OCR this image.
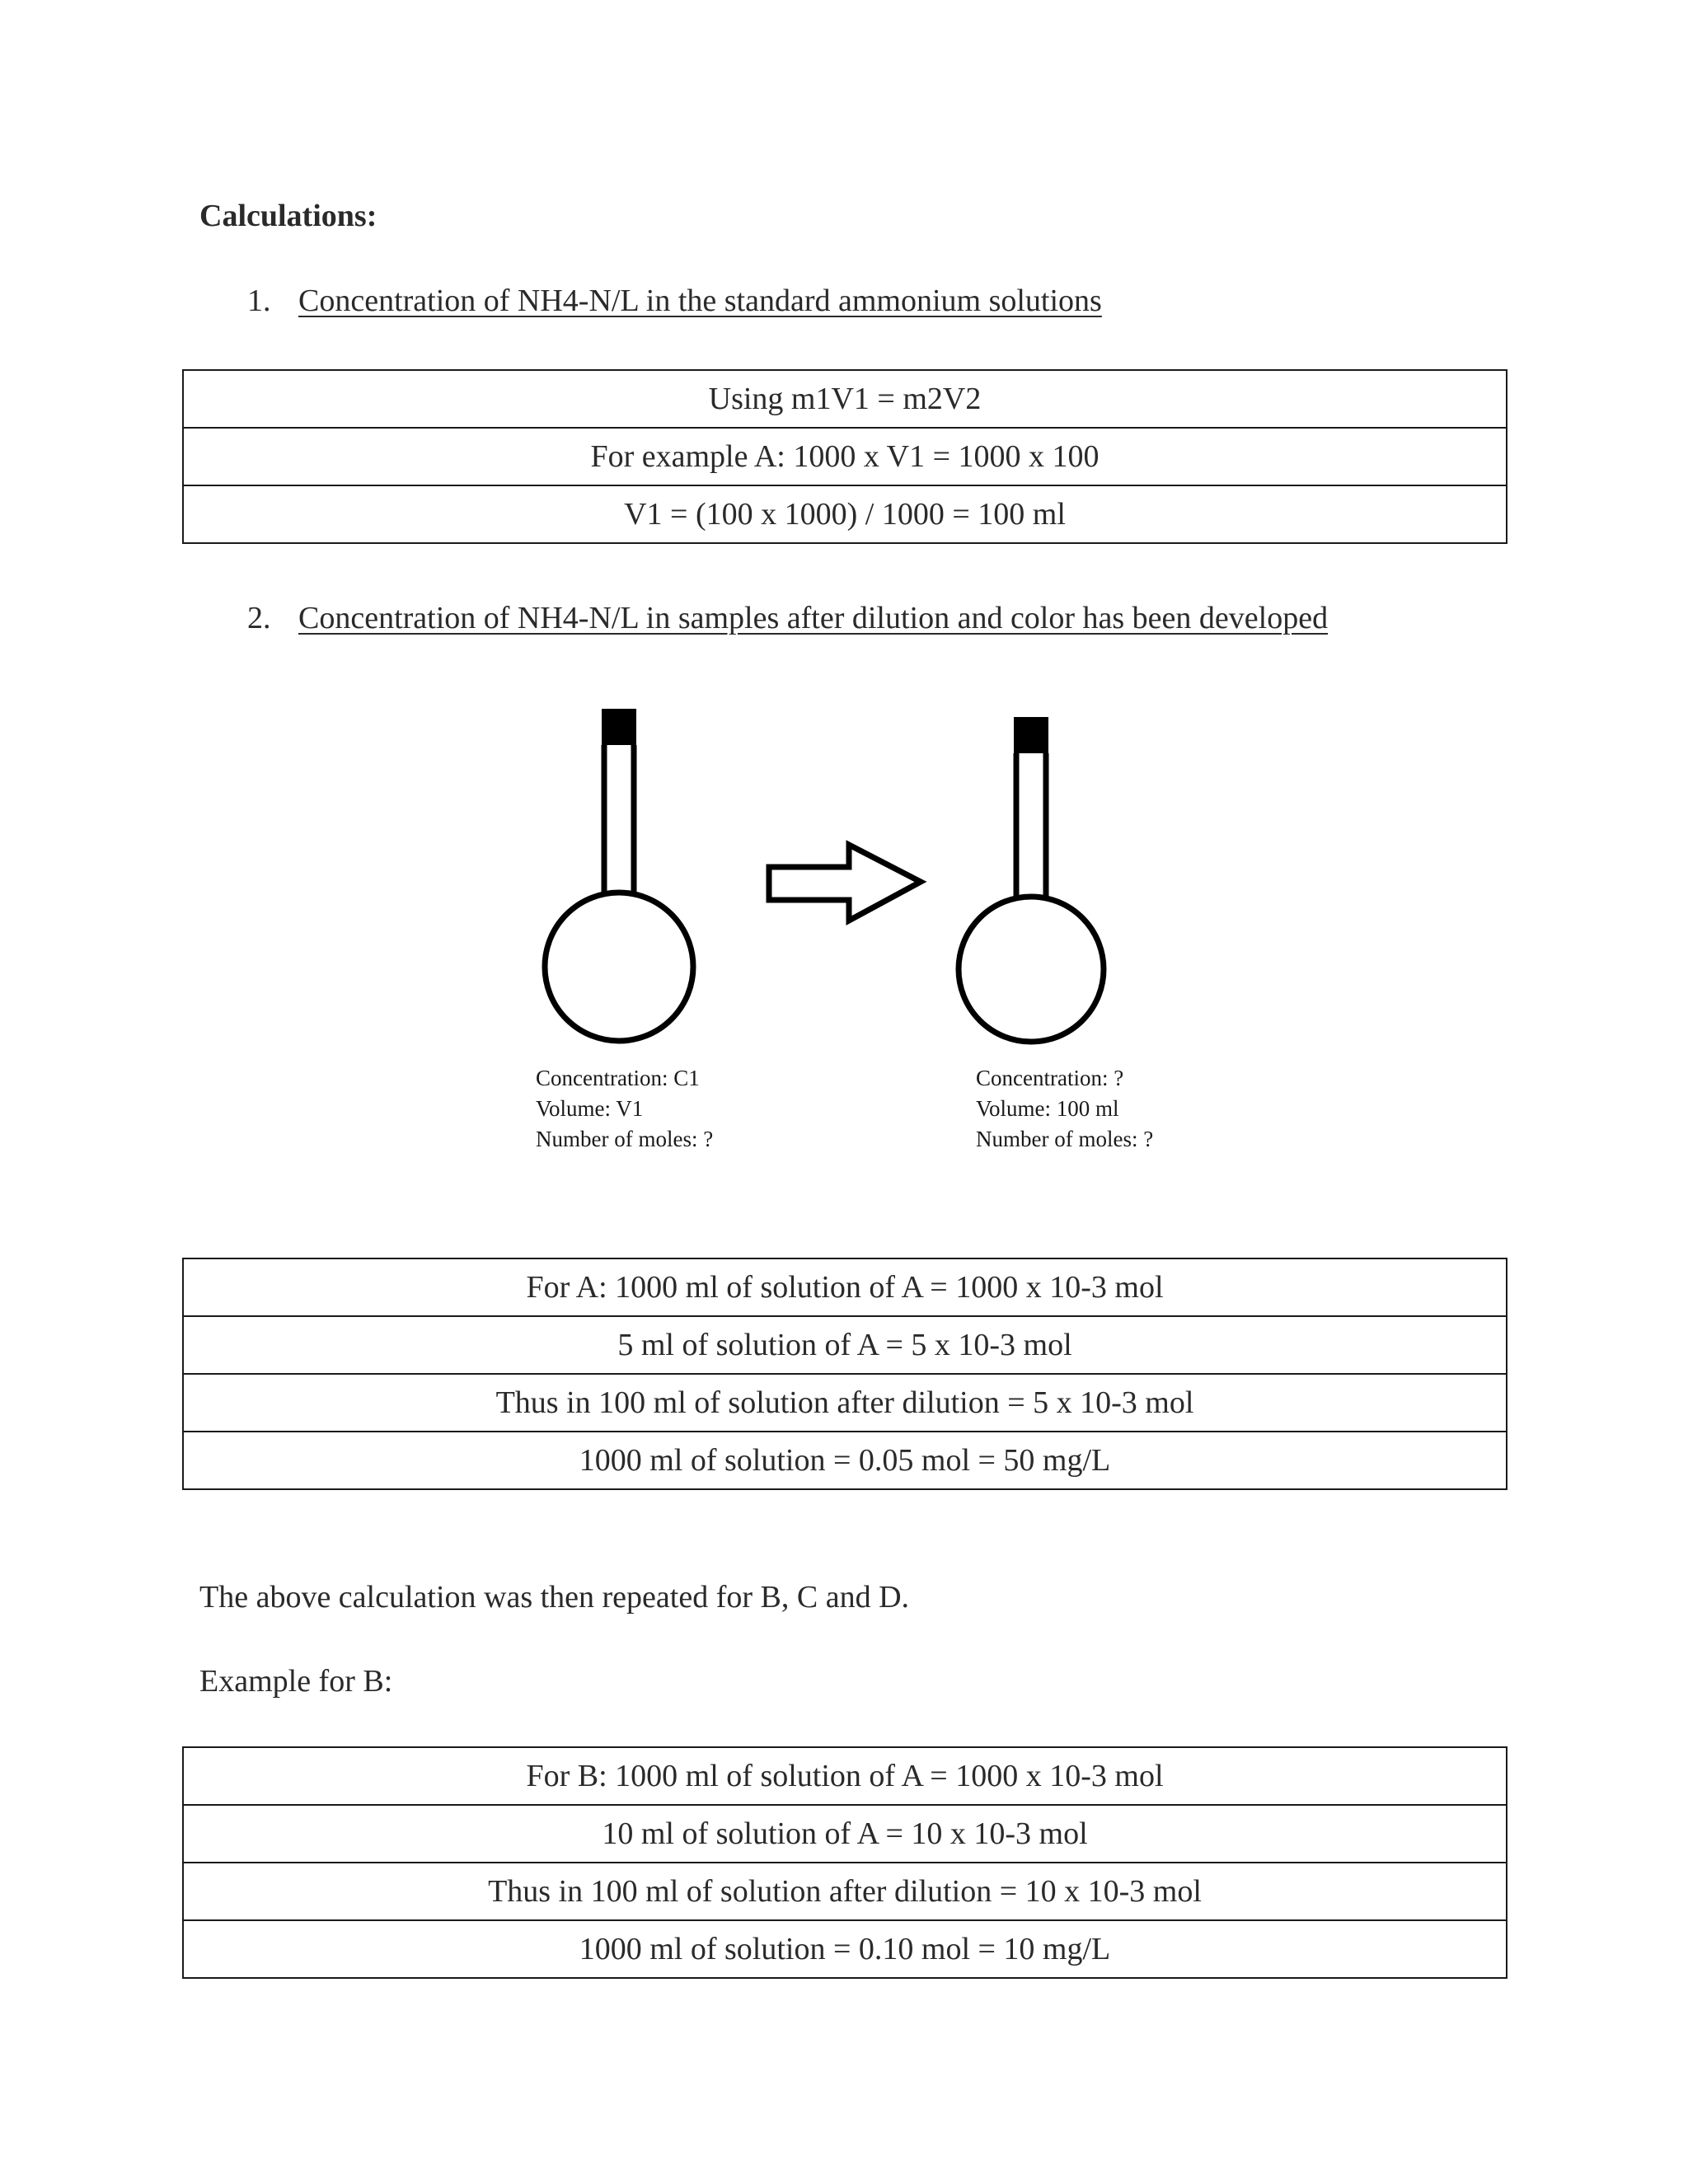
Calculations:
1. Concentration of NH4-N/L in the standard ammonium solutions
Using m1V1 = m2V2
For example A: 1000 x V1 = 1000 x 100
V1 = (100 x 1000) / 1000 = 100 ml
2. Concentration of NH4-N/L in samples after dilution and color has been developed
Concentration: C1
Volume: V1
Number of moles: ?
Concentration: ?
Volume: 100 ml
Number of moles: ?
For A: 1000 ml of solution of A = 1000 x 10-3 mol
5 ml of solution of A = 5 x 10-3 mol
Thus in 100 ml of solution after dilution = 5 x 10-3 mol
1000 ml of solution = 0.05 mol = 50 mg/L
The above calculation was then repeated for B, C and D.
Example for B:
For B: 1000 ml of solution of A = 1000 x 10-3 mol
10 ml of solution of A = 10 x 10-3 mol
Thus in 100 ml of solution after dilution = 10 x 10-3 mol
1000 ml of solution = 0.10 mol = 10 mg/L
